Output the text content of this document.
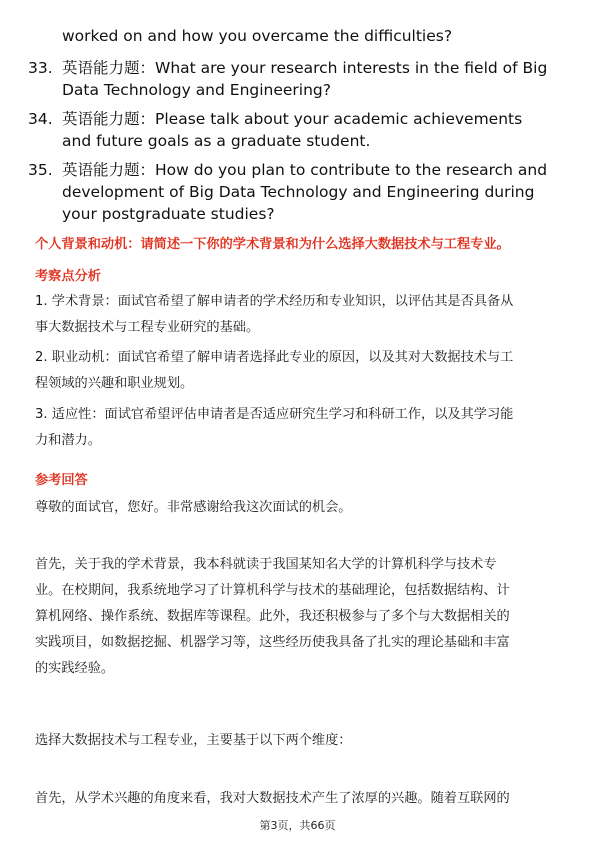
worked on and how you overcame the difficulties?
33. 英语能力题：What are your research interests in the field of Big
Data Technology and Engineering?
34. 英语能力题：Please talk about your academic achievements
and future goals as a graduate student.
35. 英语能力题：How do you plan to contribute to the research and
development of Big Data Technology and Engineering during
your postgraduate studies?
个人背景和动机：请简述一下你的学术背景和为什么选择大数据技术与工程专业。
考察点分析
1. 学术背景：面试官希望了解申请者的学术经历和专业知识，以评估其是否具备从
事大数据技术与工程专业研究的基础。
2. 职业动机：面试官希望了解申请者选择此专业的原因，以及其对大数据技术与工
程领域的兴趣和职业规划。
3. 适应性：面试官希望评估申请者是否适应研究生学习和科研工作，以及其学习能
力和潜力。
参考回答
尊敬的面试官，您好。非常感谢给我这次面试的机会。
首先，关于我的学术背景，我本科就读于我国某知名大学的计算机科学与技术专
业。在校期间，我系统地学习了计算机科学与技术的基础理论，包括数据结构、计
算机网络、操作系统、数据库等课程。此外，我还积极参与了多个与大数据相关的
实践项目，如数据挖掘、机器学习等，这些经历使我具备了扎实的理论基础和丰富
的实践经验。
选择大数据技术与工程专业，主要基于以下两个维度：
首先，从学术兴趣的角度来看，我对大数据技术产生了浓厚的兴趣。随着互联网的
第3页，共66页
